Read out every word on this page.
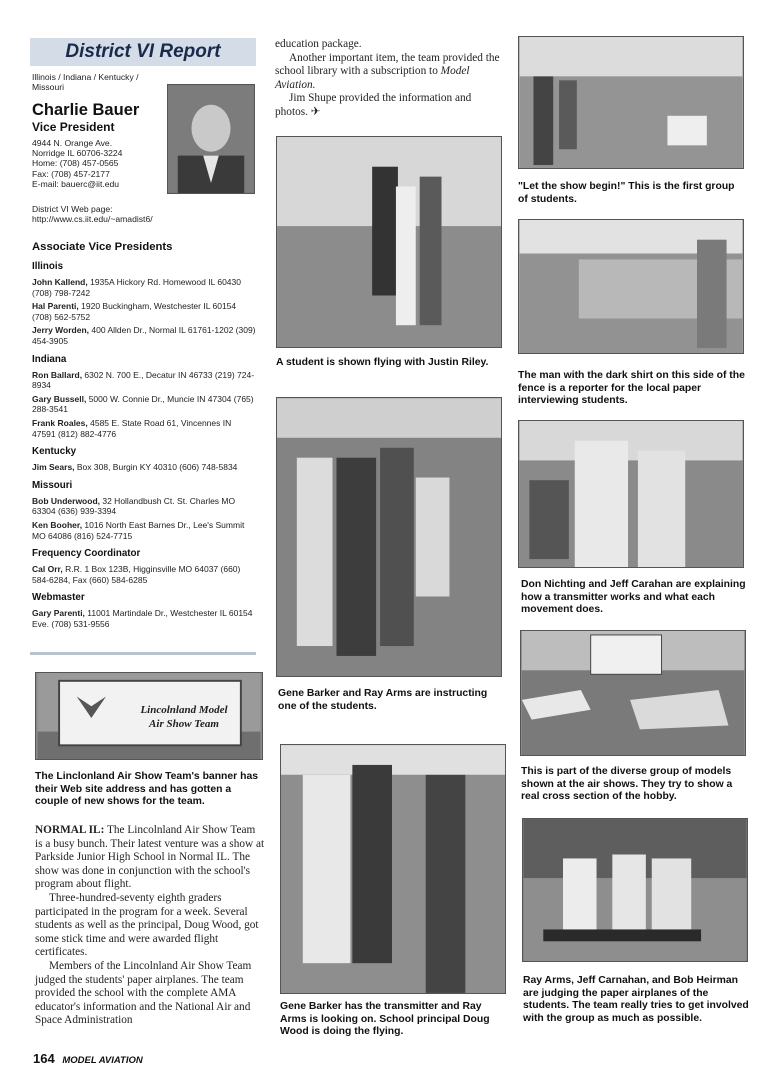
District VI Report
Illinois / Indiana / Kentucky / Missouri
Charlie Bauer
Vice President
4944 N. Orange Ave.
Norridge IL 60706-3224
Home: (708) 457-0565
Fax: (708) 457-2177
E-mail: bauerc@iit.edu
District VI Web page:
http://www.cs.iit.edu/~amadist6/
Associate Vice Presidents
Illinois
John Kallend, 1935A Hickory Rd. Homewood IL 60430 (708) 798-7242
Hal Parenti, 1920 Buckingham, Westchester IL 60154 (708) 562-5752
Jerry Worden, 400 Allden Dr., Normal IL 61761-1202 (309) 454-3905
Indiana
Ron Ballard, 6302 N. 700 E., Decatur IN 46733 (219) 724-8934
Gary Bussell, 5000 W. Connie Dr., Muncie IN 47304 (765) 288-3541
Frank Roales, 4585 E. State Road 61, Vincennes IN 47591 (812) 882-4776
Kentucky
Jim Sears, Box 308, Burgin KY 40310 (606) 748-5834
Missouri
Bob Underwood, 32 Hollandbush Ct. St. Charles MO 63304 (636) 939-3394
Ken Booher, 1016 North East Barnes Dr., Lee's Summit MO 64086 (816) 524-7715
Frequency Coordinator
Cal Orr, R.R. 1 Box 123B, Higginsville MO 64037 (660) 584-6284, Fax (660) 584-6285
Webmaster
Gary Parenti, 11001 Martindale Dr., Westchester IL 60154 Eve. (708) 531-9556
Lincolnland Model
Air Show Team
The Linclonland Air Show Team's banner has their Web site address and has gotten a couple of new shows for the team.

NORMAL IL: The Lincolnland Air Show Team is a busy bunch. Their latest venture was a show at Parkside Junior High School in Normal IL. The show was done in conjunction with the school's program about flight.

Three-hundred-seventy eighth graders participated in the program for a week. Several students as well as the principal, Doug Wood, got some stick time and were awarded flight certificates.

Members of the Lincolnland Air Show Team judged the students' paper airplanes. The team provided the school with the complete AMA educator's information and the National Air and Space Administration

education package.

Another important item, the team provided the school library with a subscription to Model Aviation.

Jim Shupe provided the information and photos. ✈

A student is shown flying with Justin Riley.
Gene Barker and Ray Arms are instructing one of the students.
Gene Barker has the transmitter and Ray Arms is looking on. School principal Doug Wood is doing the flying.
"Let the show begin!" This is the first group of students.
The man with the dark shirt on this side of the fence is a reporter for the local paper interviewing students.
Don Nichting and Jeff Carahan are explaining how a transmitter works and what each movement does.
This is part of the diverse group of models shown at the air shows. They try to show a real cross section of the hobby.
Ray Arms, Jeff Carnahan, and Bob Heirman are judging the paper airplanes of the students. The team really tries to get involved with the group as much as possible.
164 MODEL AVIATION
